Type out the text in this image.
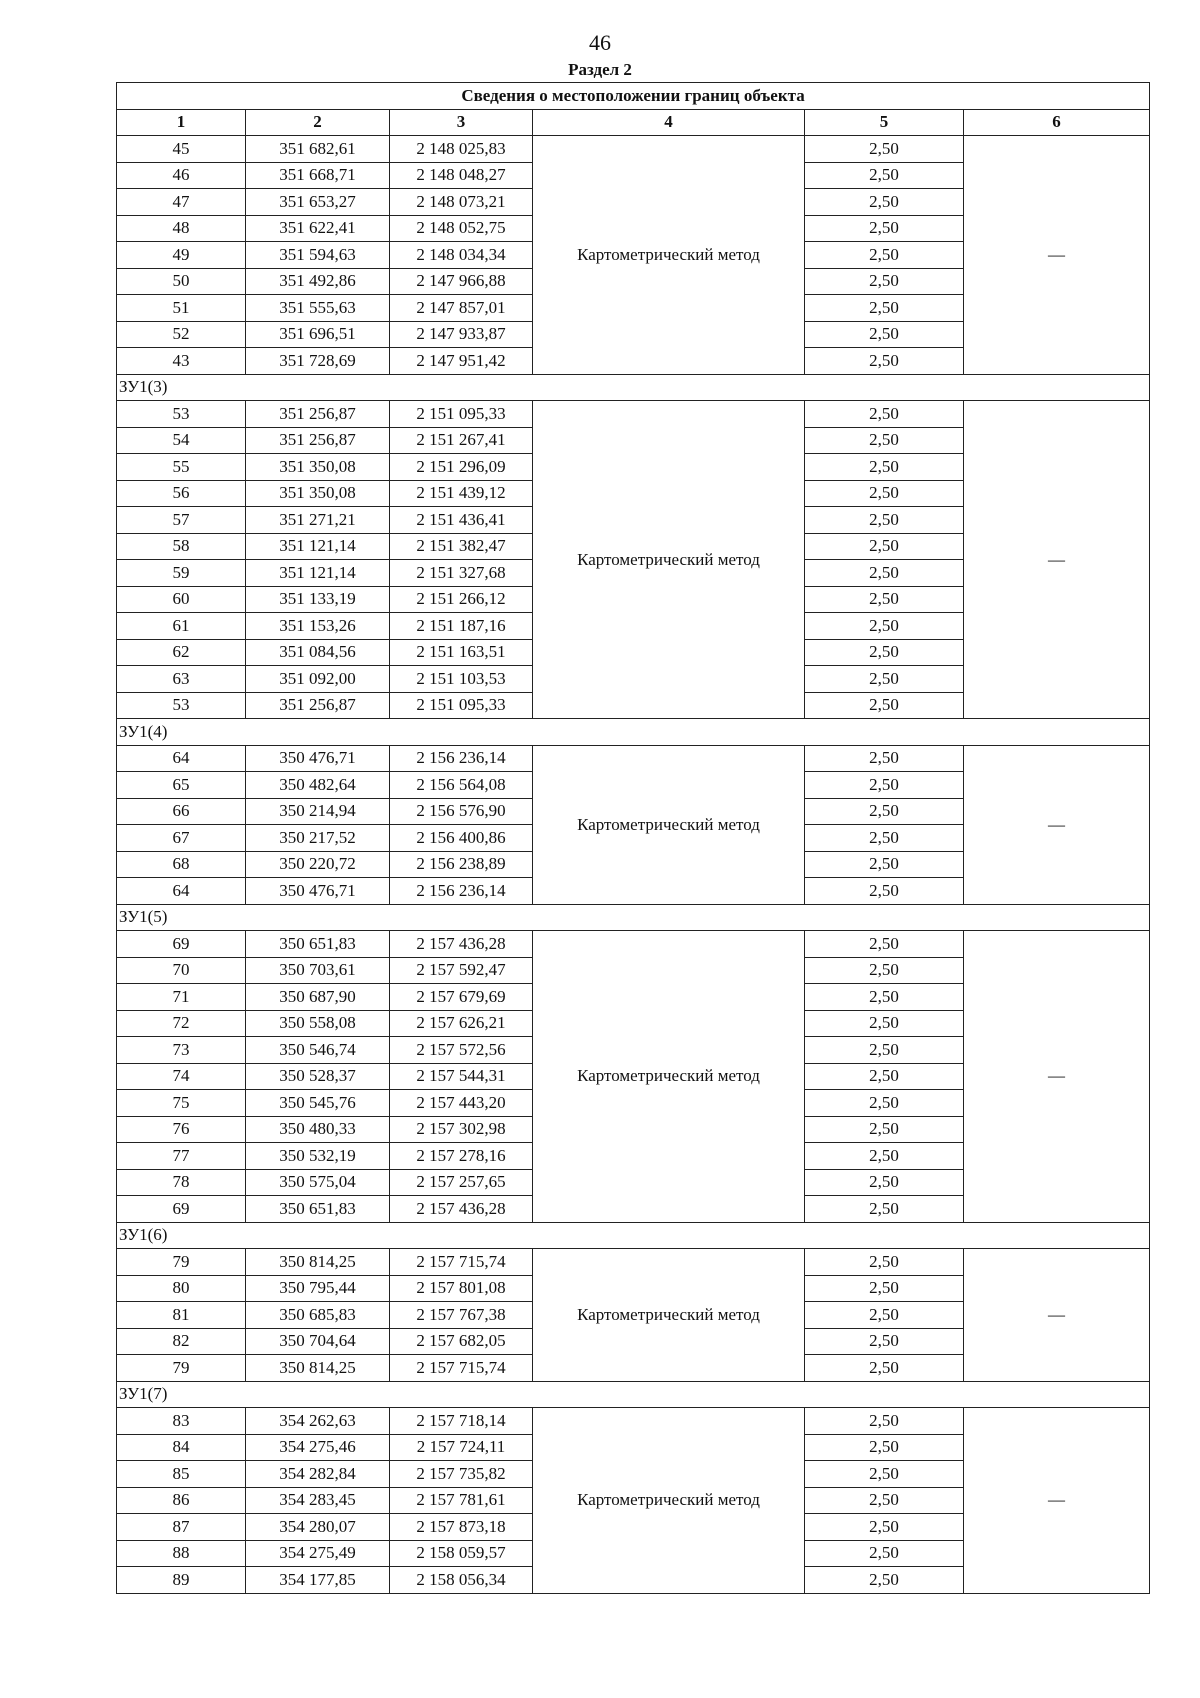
46
Раздел 2
Сведения о местоположении границ объекта					
1	2	3	4	5	6
45	351 682,61	2 148 025,83	Картометрический метод	2,50	—
46	351 668,71	2 148 048,27		2,50	
47	351 653,27	2 148 073,21		2,50	
48	351 622,41	2 148 052,75		2,50	
49	351 594,63	2 148 034,34		2,50	
50	351 492,86	2 147 966,88		2,50	
51	351 555,63	2 147 857,01		2,50	
52	351 696,51	2 147 933,87		2,50	
43	351 728,69	2 147 951,42		2,50	
ЗУ1(3)					
53	351 256,87	2 151 095,33	Картометрический метод	2,50	—
54	351 256,87	2 151 267,41		2,50	
55	351 350,08	2 151 296,09		2,50	
56	351 350,08	2 151 439,12		2,50	
57	351 271,21	2 151 436,41		2,50	
58	351 121,14	2 151 382,47		2,50	
59	351 121,14	2 151 327,68		2,50	
60	351 133,19	2 151 266,12		2,50	
61	351 153,26	2 151 187,16		2,50	
62	351 084,56	2 151 163,51		2,50	
63	351 092,00	2 151 103,53		2,50	
53	351 256,87	2 151 095,33		2,50	
ЗУ1(4)					
64	350 476,71	2 156 236,14	Картометрический метод	2,50	—
65	350 482,64	2 156 564,08		2,50	
66	350 214,94	2 156 576,90		2,50	
67	350 217,52	2 156 400,86		2,50	
68	350 220,72	2 156 238,89		2,50	
64	350 476,71	2 156 236,14		2,50	
ЗУ1(5)					
69	350 651,83	2 157 436,28	Картометрический метод	2,50	—
70	350 703,61	2 157 592,47		2,50	
71	350 687,90	2 157 679,69		2,50	
72	350 558,08	2 157 626,21		2,50	
73	350 546,74	2 157 572,56		2,50	
74	350 528,37	2 157 544,31		2,50	
75	350 545,76	2 157 443,20		2,50	
76	350 480,33	2 157 302,98		2,50	
77	350 532,19	2 157 278,16		2,50	
78	350 575,04	2 157 257,65		2,50	
69	350 651,83	2 157 436,28		2,50	
ЗУ1(6)					
79	350 814,25	2 157 715,74	Картометрический метод	2,50	—
80	350 795,44	2 157 801,08		2,50	
81	350 685,83	2 157 767,38		2,50	
82	350 704,64	2 157 682,05		2,50	
79	350 814,25	2 157 715,74		2,50	
ЗУ1(7)					
83	354 262,63	2 157 718,14	Картометрический метод	2,50	—
84	354 275,46	2 157 724,11		2,50	
85	354 282,84	2 157 735,82		2,50	
86	354 283,45	2 157 781,61		2,50	
87	354 280,07	2 157 873,18		2,50	
88	354 275,49	2 158 059,57		2,50	
89	354 177,85	2 158 056,34		2,50	
